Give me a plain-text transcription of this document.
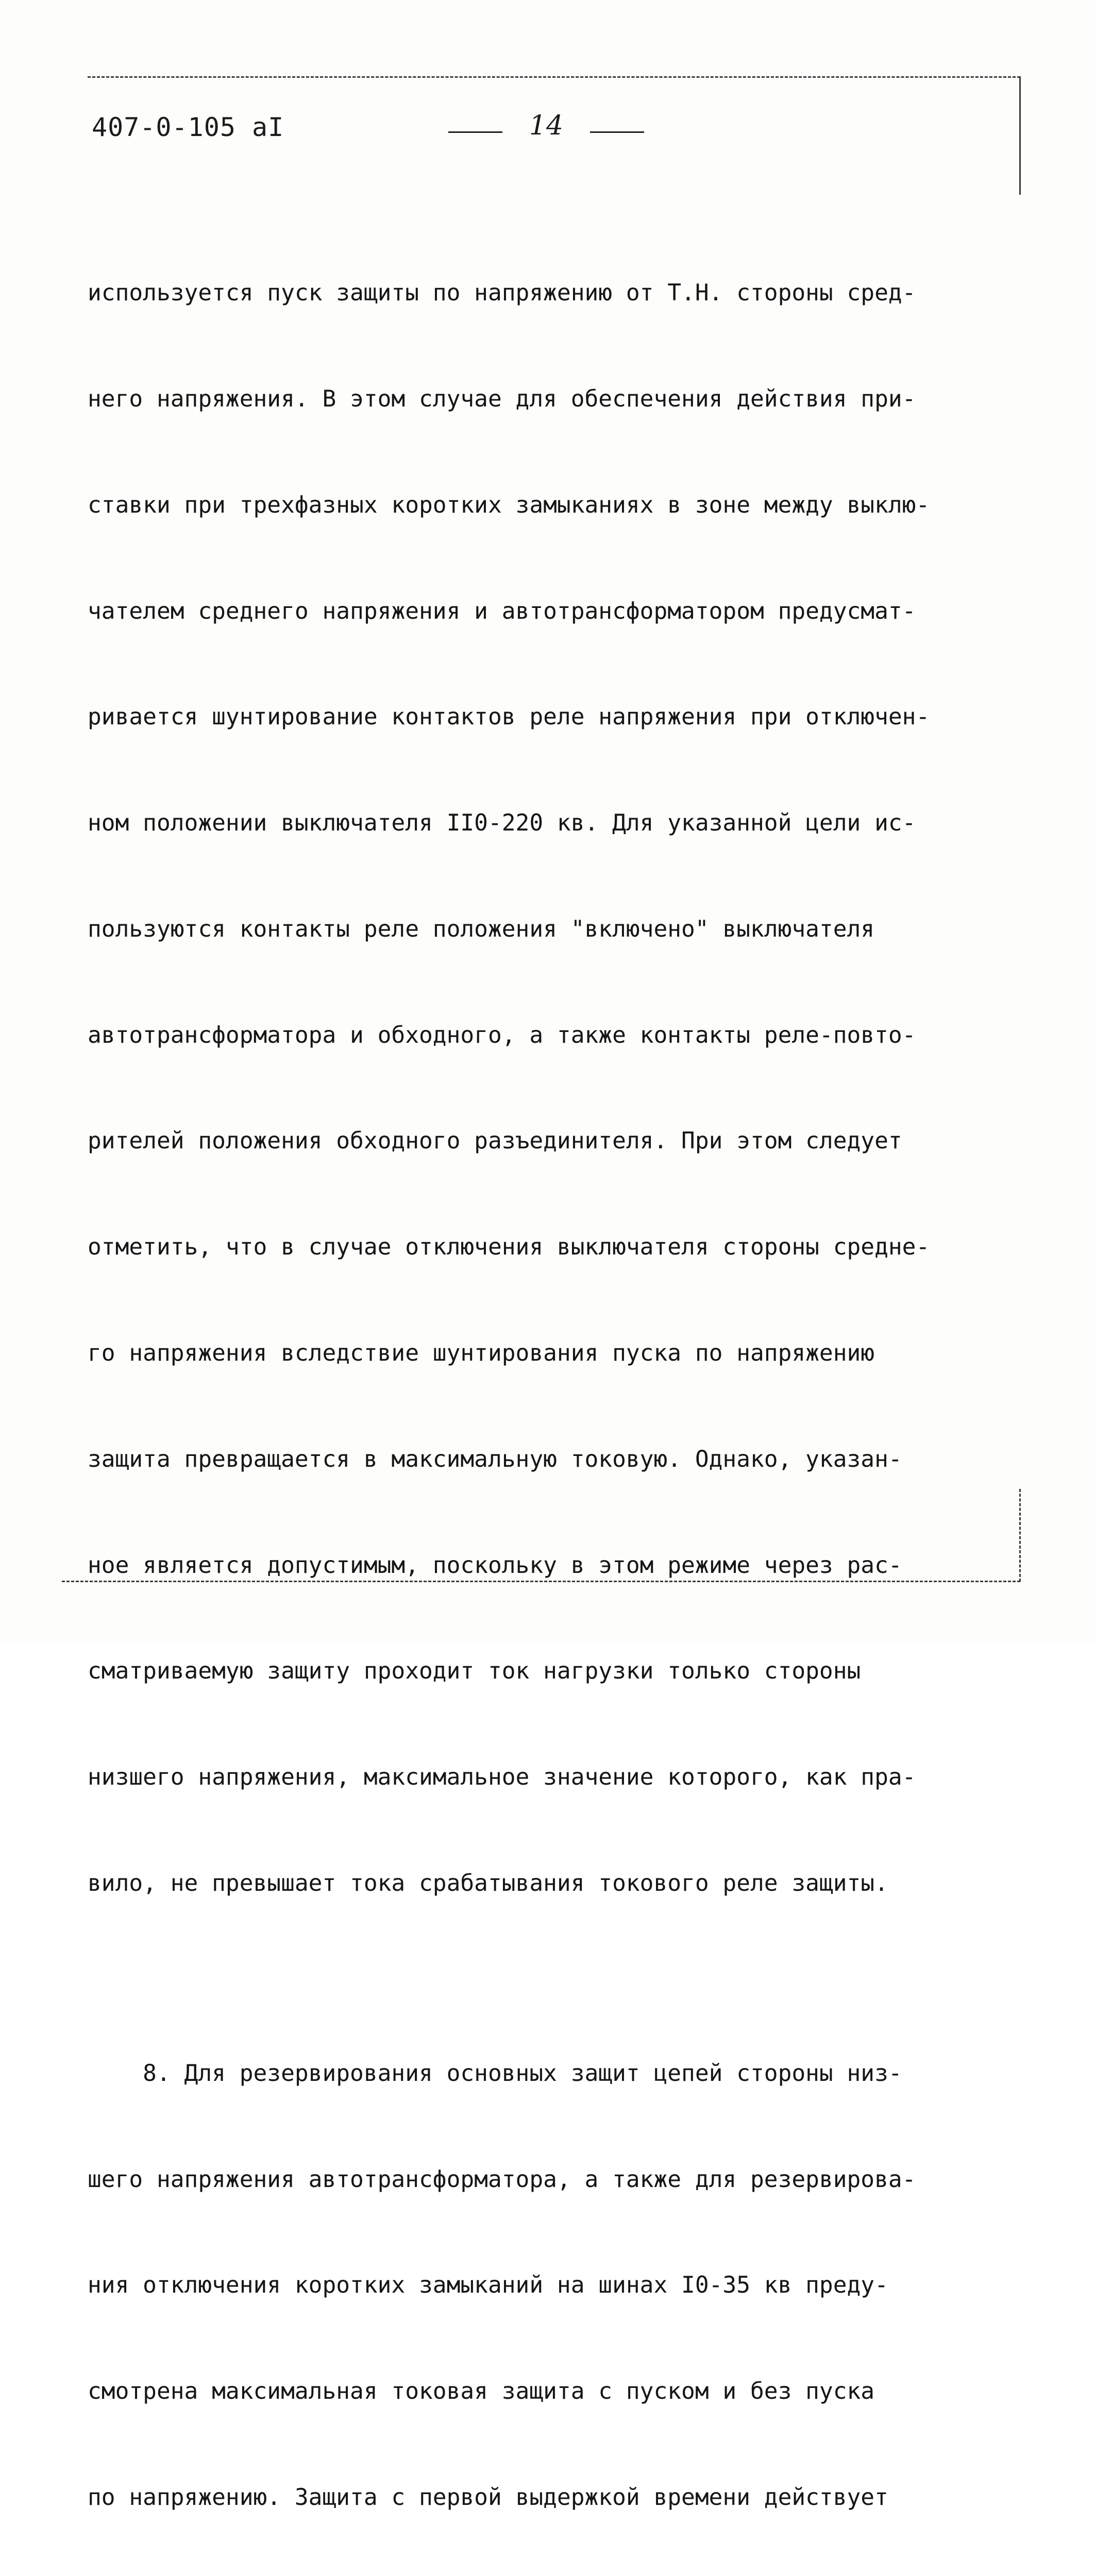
407-0-105 aI	14

используется пуск защиты по напряжению от Т.Н. стороны сред-

него напряжения. В этом случае для обеспечения действия при-

ставки при трехфазных коротких замыканиях в зоне между выклю-

чателем среднего напряжения и автотрансформатором предусмат-

ривается шунтирование контактов реле напряжения при отключен-

ном положении выключателя II0-220 кв. Для указанной цели ис-

пользуются контакты реле положения "включено" выключателя

автотрансформатора и обходного, а также контакты реле-повто-

рителей положения обходного разъединителя. При этом следует

отметить, что в случае отключения выключателя стороны средне-

го напряжения вследствие шунтирования пуска по напряжению

защита превращается в максимальную токовую. Однако, указан-

ное является допустимым, поскольку в этом режиме через рас-

сматриваемую защиту проходит ток нагрузки только стороны

низшего напряжения, максимальное значение которого, как пра-

вило, не превышает тока срабатывания токового реле защиты.

8. Для резервирования основных защит цепей стороны низ-

шего напряжения автотрансформатора, а также для резервирова-

ния отключения коротких замыканий на шинах I0-35 кв преду-

смотрена максимальная токовая защита с пуском и без пуска

по напряжению. Защита с первой выдержкой времени действует
